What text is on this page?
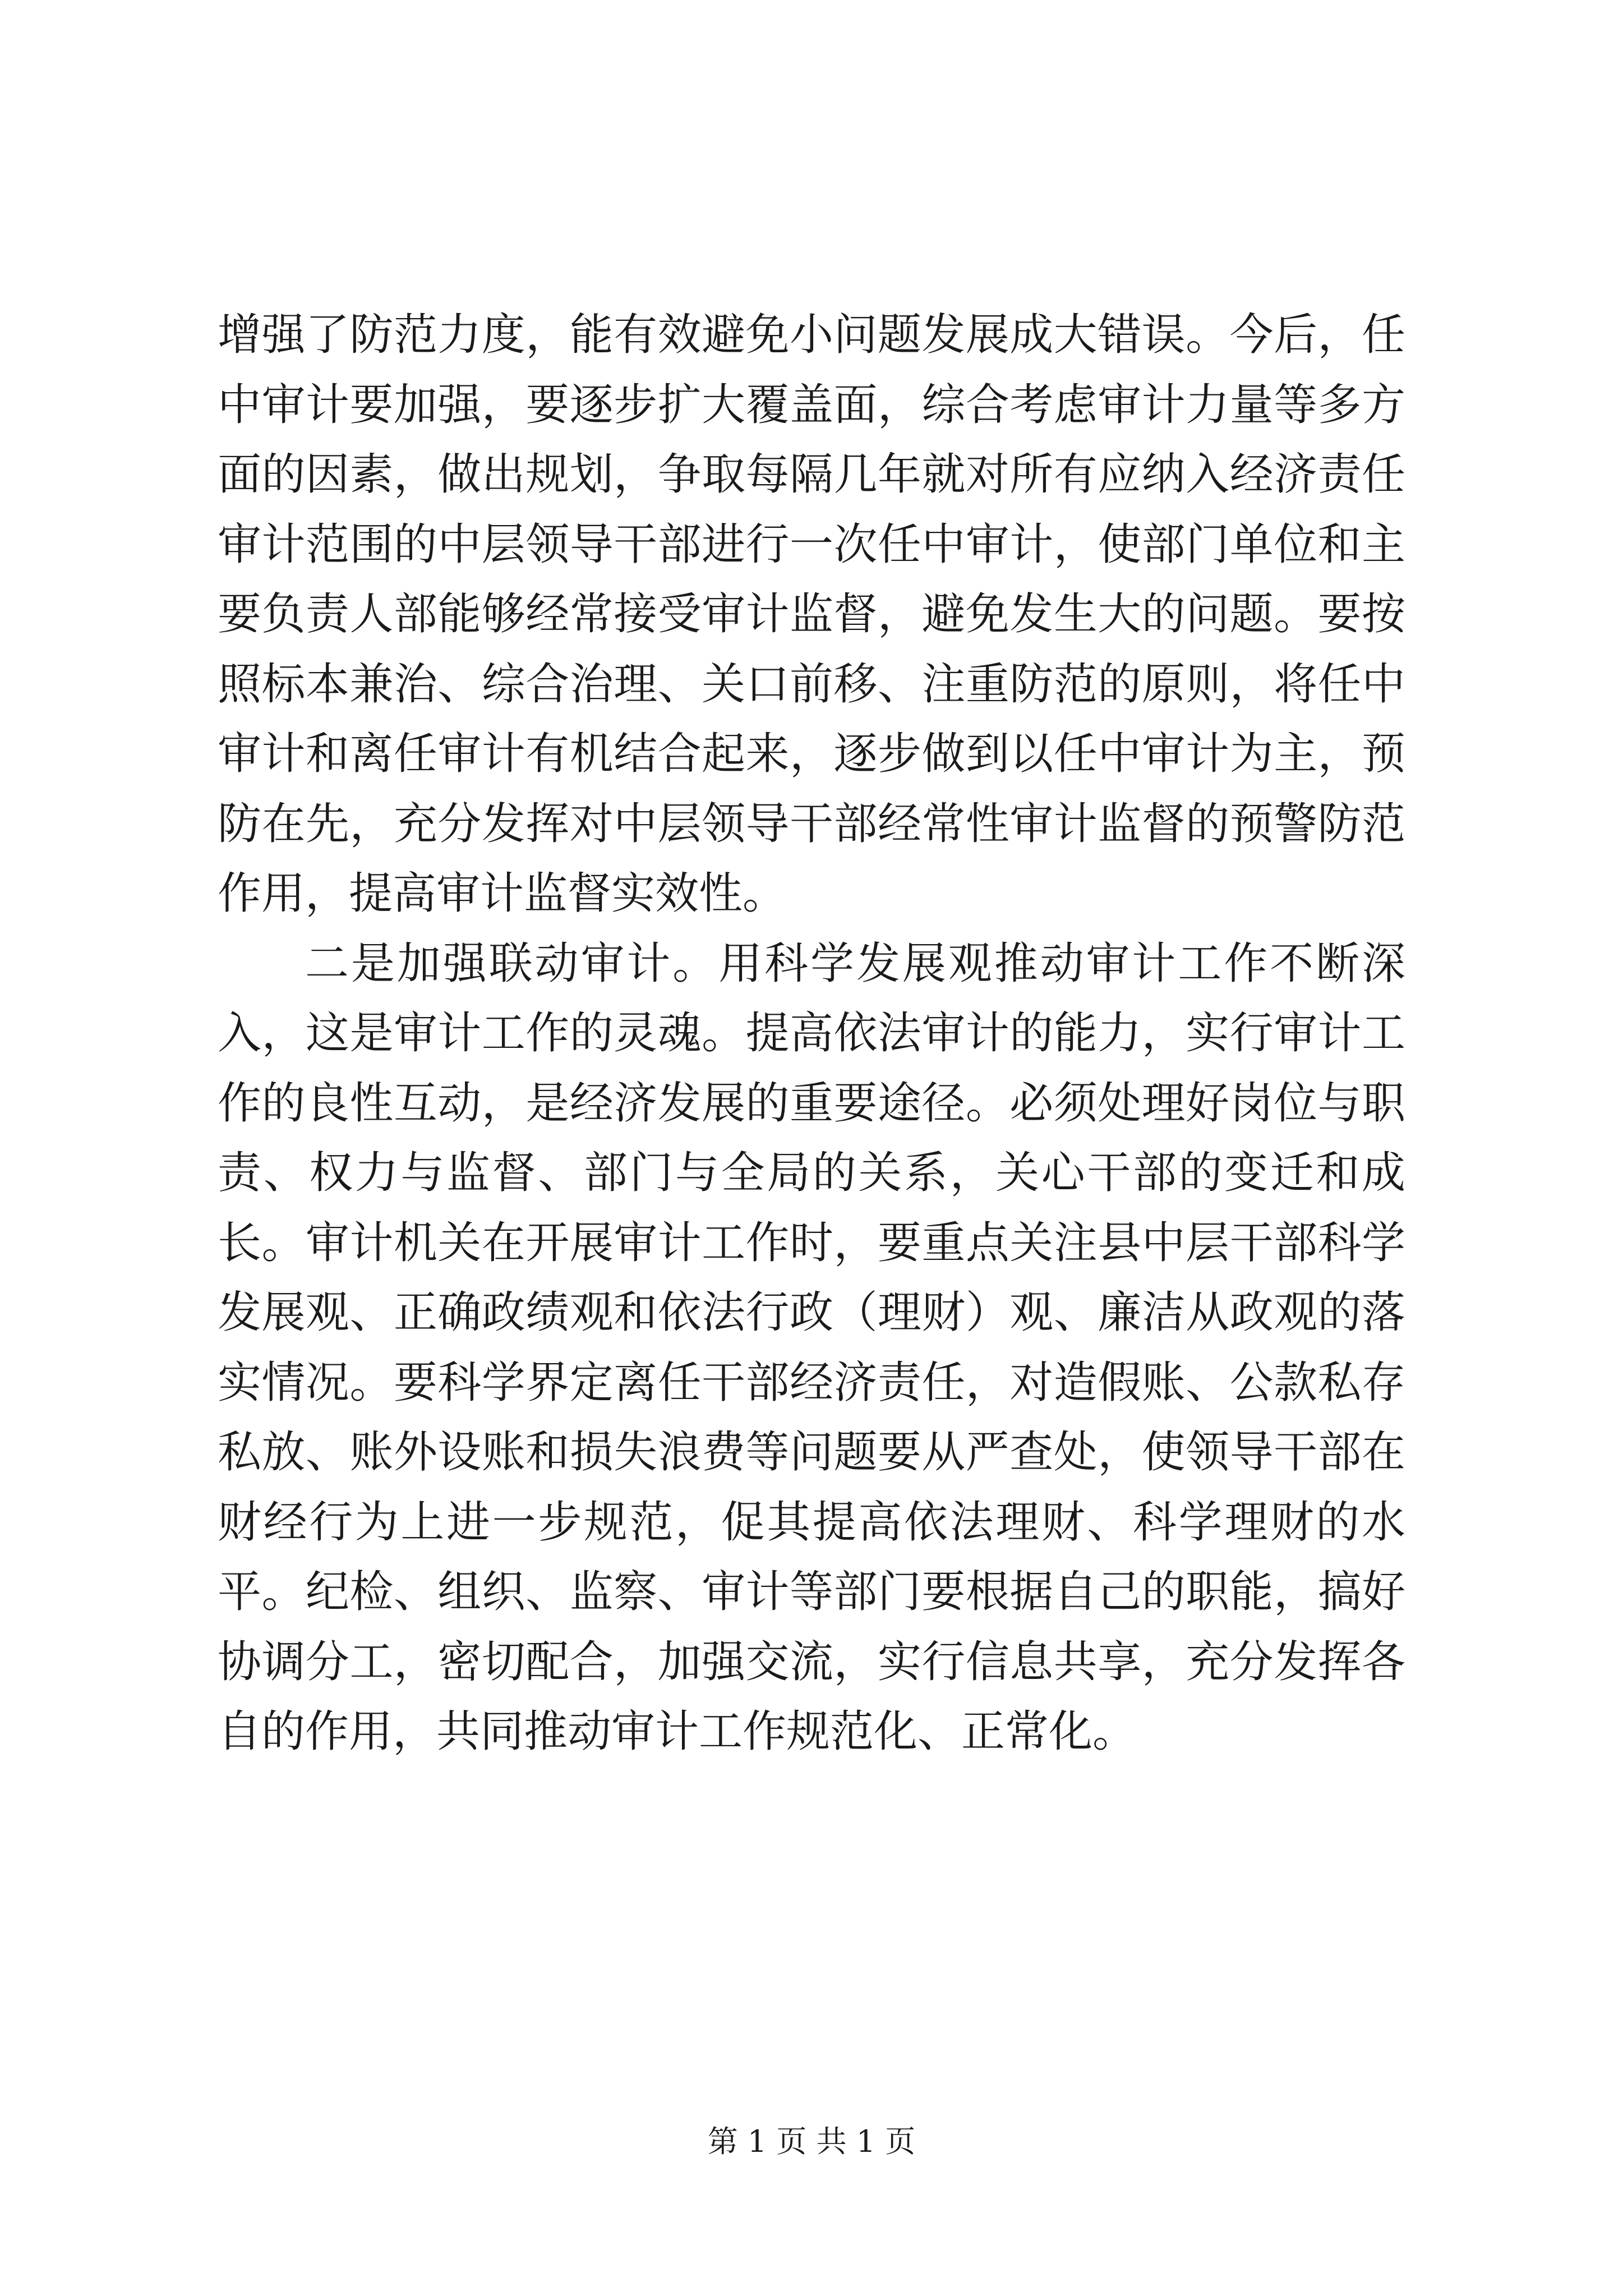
增强了防范力度，能有效避免小问题发展成大错误。今后，任中审计要加强，要逐步扩大覆盖面，综合考虑审计力量等多方面的因素，做出规划，争取每隔几年就对所有应纳入经济责任审计范围的中层领导干部进行一次任中审计，使部门单位和主要负责人部能够经常接受审计监督，避免发生大的问题。要按照标本兼治、综合治理、关口前移、注重防范的原则，将任中审计和离任审计有机结合起来，逐步做到以任中审计为主，预防在先，充分发挥对中层领导干部经常性审计监督的预警防范作用，提高审计监督实效性。

二是加强联动审计。用科学发展观推动审计工作不断深入，这是审计工作的灵魂。提高依法审计的能力，实行审计工作的良性互动，是经济发展的重要途径。必须处理好岗位与职责、权力与监督、部门与全局的关系，关心干部的变迁和成长。审计机关在开展审计工作时，要重点关注县中层干部科学发展观、正确政绩观和依法行政（理财）观、廉洁从政观的落实情况。要科学界定离任干部经济责任，对造假账、公款私存私放、账外设账和损失浪费等问题要从严查处，使领导干部在财经行为上进一步规范，促其提高依法理财、科学理财的水平。纪检、组织、监察、审计等部门要根据自己的职能，搞好协调分工，密切配合，加强交流，实行信息共享，充分发挥各自的作用，共同推动审计工作规范化、正常化。

第 1 页 共 1 页
